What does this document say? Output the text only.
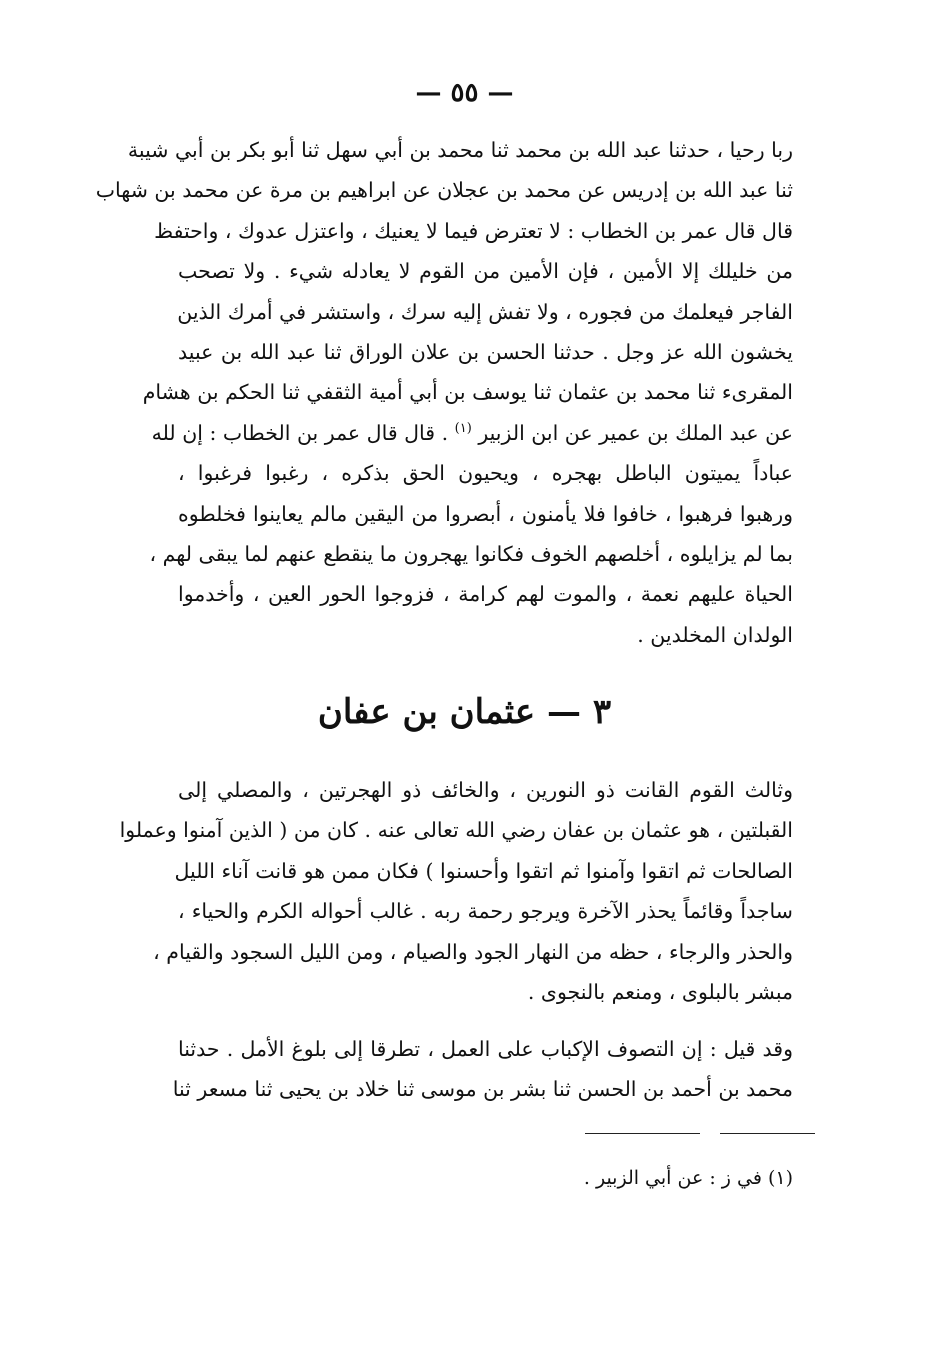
— ٥٥ —
ربا رحيا ، حدثنا عبد الله بن محمد ثنا محمد بن أبي سهل ثنا أبو بكر بن أبي شيبة
ثنا عبد الله بن إدريس عن محمد بن عجلان عن ابراهيم بن مرة عن محمد بن شهاب
قال قال عمر بن الخطاب : لا تعترض فيما لا يعنيك ، واعتزل عدوك ، واحتفظ
من خليلك إلا الأمين ، فإن الأمين من القوم لا يعادله شيء . ولا تصحب
الفاجر فيعلمك من فجوره ، ولا تفش إليه سرك ، واستشر في أمرك الذين
يخشون الله عز وجل . حدثنا الحسن بن علان الوراق ثنا عبد الله بن عبيد
المقرىء ثنا محمد بن عثمان ثنا يوسف بن أبي أمية الثقفي ثنا الحكم بن هشام
عن عبد الملك بن عمير عن ابن الزبير $^{(١)}$ . قال قال عمر بن الخطاب : إن لله
عباداً يميتون الباطل بهجره ، ويحيون الحق بذكره ، رغبوا فرغبوا ،
ورهبوا فرهبوا ، خافوا فلا يأمنون ، أبصروا من اليقين مالم يعاينوا فخلطوه
بما لم يزايلوه ، أخلصهم الخوف فكانوا يهجرون ما ينقطع عنهم لما يبقى لهم ،
الحياة عليهم نعمة ، والموت لهم كرامة ، فزوجوا الحور العين ، وأخدموا
الولدان المخلدين .
٣ — عثمان بن عفان
وثالث القوم القانت ذو النورين ، والخائف ذو الهجرتين ، والمصلي إلى
القبلتين ، هو عثمان بن عفان رضي الله تعالى عنه . كان من ( الذين آمنوا وعملوا
الصالحات ثم اتقوا وآمنوا ثم اتقوا وأحسنوا ) فكان ممن هو قانت آناء الليل
ساجداً وقائماً يحذر الآخرة ويرجو رحمة ربه . غالب أحواله الكرم والحياء ،
والحذر والرجاء ، حظه من النهار الجود والصيام ، ومن الليل السجود والقيام ،
مبشر بالبلوى ، ومنعم بالنجوى .
وقد قيل : إن التصوف الإكباب على العمل ، تطرقا إلى بلوغ الأمل . حدثنا
محمد بن أحمد بن الحسن ثنا بشر بن موسى ثنا خلاد بن يحيى ثنا مسعر ثنا
(١) في ز : عن أبي الزبير .
